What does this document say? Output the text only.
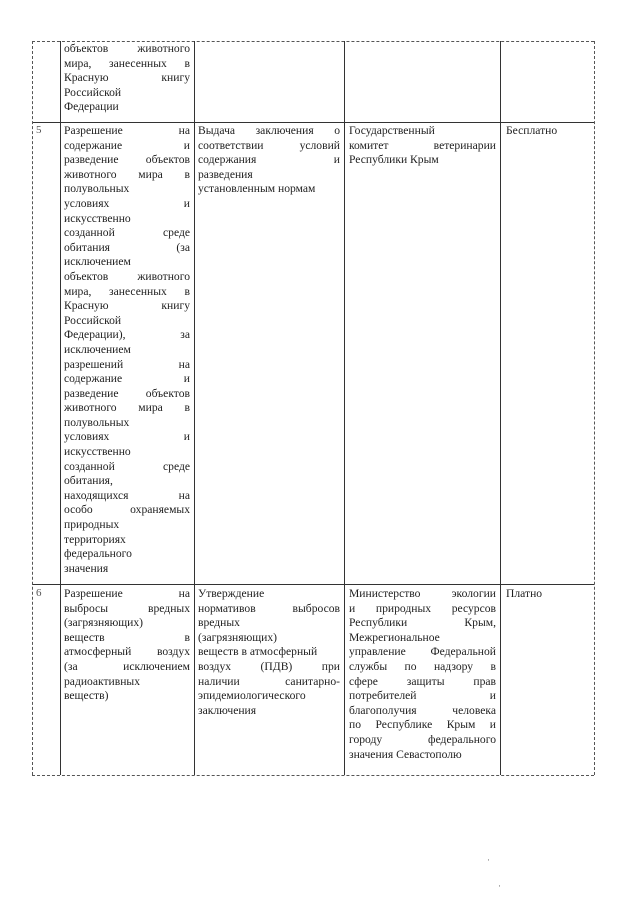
объектов животного

мира, занесенных в

Красную книгу

Российской

Федерации

5 Разрешение на

содержание и

разведение объектов

животного мира в

полувольных

условиях и

искусственно

созданной среде

обитания (за

исключением

объектов животного

мира, занесенных в

Красную книгу

Российской

Федерации), за

исключением

разрешений на

содержание и

разведение объектов

животного мира в

полувольных

условиях и

искусственно

созданной среде

обитания,

находящихся на

особо охраняемых

природных

территориях

федерального

значения

Выдача заключения о

соответствии условий

содержания и

разведения

установленным нормам

Государственный

комитет ветеринарии

Республики Крым

Бесплатно
6 Разрешение на

выбросы вредных

(загрязняющих)

веществ в

атмосферный воздух

(за исключением

радиоактивных

веществ)

Утверждение

нормативов выбросов

вредных

(загрязняющих)

веществ в атмосферный

воздух (ПДВ) при

наличии санитарно-

эпидемиологического

заключения

Министерство экологии

и природных ресурсов

Республики Крым,

Межрегиональное

управление Федеральной

службы по надзору в

сфере защиты прав

потребителей и

благополучия человека

по Республике Крым и

городу федерального

значения Севастополю

Платно
·
·
